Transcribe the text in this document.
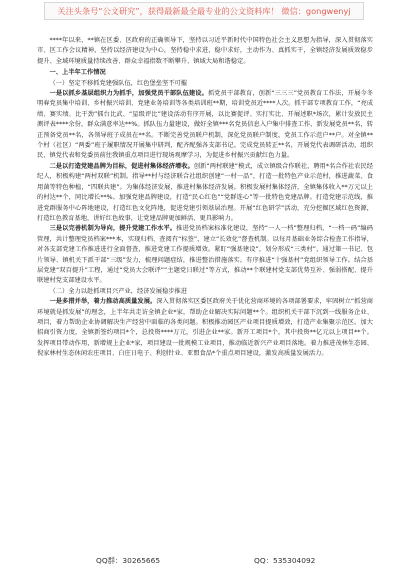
关注头条号“公文研究”，获得最新最全最专业的公文资料库！ 微信：gongwenyj

****年以来，**镇在区委、区政府的正确领导下，坚持以习近平新时代中国特色社会主义思想为指导，深入贯彻落实市、区工作会议精神，坚持以经济建设为中心，坚持稳中求进，稳中求好，主动作为、真抓实干，全镇经济发展质效稳步提升、全域环境质量持续改善、群众幸福指数不断攀升、镇域大局和谐稳定。

一、上半年工作情况

（一）坚定不移抓党建强队伍，红色堡垒坚不可摧

一是以抓乡基层组织力为抓手，加强党员干部队伍建设。抓党员干部教育，创新“三三三”党员教育工作法，开展今冬明春党员集中培训、乡村振兴培训、党建业务培训等各类培训班**期，培训党员近****人次。抓干部专项教育工作，“亮成绩、赛实绩、比干劲”擂台比武、“星级评比”建设活动有序开展，以比赛促评、实打实比、开展述职*场次，累计发放民主测评表****余份，群众满意率达**%。抓队伍力量建设，做好全镇***名党员信息入户集中排查工作，新发展党员**名，转正预备党员**名，各领导班子成员在**名。不断完善党员联户机制，深化党员联户制度，党员工作示范户**户。对全镇**个村（社区）“两委”班子履职情况开展集中研判，配齐配强各支部书记。完成党员转正**名，开展党代表调研活动，组织民、镇党代表和党委员前往我镇重点项目进行现场观摩学习，为促进乡村振兴贡献红色力量。

二是以打造党建品牌为目标，促进村集体经济增收。创新“两村联建”模式，成立镇级合作联社，聘用*名合作社农民经纪人，积极构建“两村双联”机制。指导**村与经济联合社组织创建“一村一品”，打造一批特色产业示范村，推进蔬菜、食用菌等特色种植，“四联共建”。为集体经济发展，推进村集体经济发展。积极发展村集体经济，全镇集体收入**万元以上的村达**个，同比增长**%。加强党建品牌建设，打造“民心红色”“党群连心”等一批特色党建品牌。打造党建示范线，推进党群服务中心阵地建设，打造红色文化阵地，促进党建引领基层治理。开展“红色研学”活动，充分挖掘区域红色资源，打造红色教育基地，讲好红色故事，让党建品牌更加鲜活、更具影响力。

三是以完善机制为导向，提升党建工作水平。推进党员档案标准化建设，坚持“一人一档”整理归档，“一档一码”编码管理，共计整理党员档案***本，实现归档、查阅有“标签”，建立“长效化”督查机制。以每月基础业务综合检查工作指导，对各支部党建工作推进进行全面督查，推进党建工作提质增效。紧盯“强基建设”，划分形成“三类村”，通过第一书记、包片领导、镇机关下派干部“三级”发力，梳理问题症结，推进整治措施落实。有序推进“十强基村”党组织领导工作。结合基层党建“双百提升”工程，通过“党员大会联评”“主题党日联过”等方式，推动**个联建村党支部优势互补、强弱搭配、提升联建村党支部建设水平。

（二）全力以赴抓项目兴产业，经济发展稳步推进

一是多措并举，着力推动高质量发展。深入贯彻落实区委区政府关于优化营商环境的各项部署要求，牢固树立“抓营商环境就是抓发展”的理念，上半年共走访全镇企业*家，帮助企业解决实际问题**个。组织机关干部下沉到一线服务企业、项目，着力帮助企业协调解决生产经营中面临的各类问题。积极推动园区产业项目提质增效，打造产业集聚示范区。加大招商引资力度，全镇新签约项目*个，总投资****万元，引进企业**家。新开工项目*个，其中投资**亿元以上项目**个。发挥项目带动作用，新增规上企业*家，项目建设一批规模工业项目，推动临近新兴产业项目落地。着力推进茂林生态园、倪家林村生态休闲农庄项目、白庄日电子、利创针业、亚盟食品*个重点项目建设，激发高质量发展活力。

QQ群：30265665	QQ：535304092
